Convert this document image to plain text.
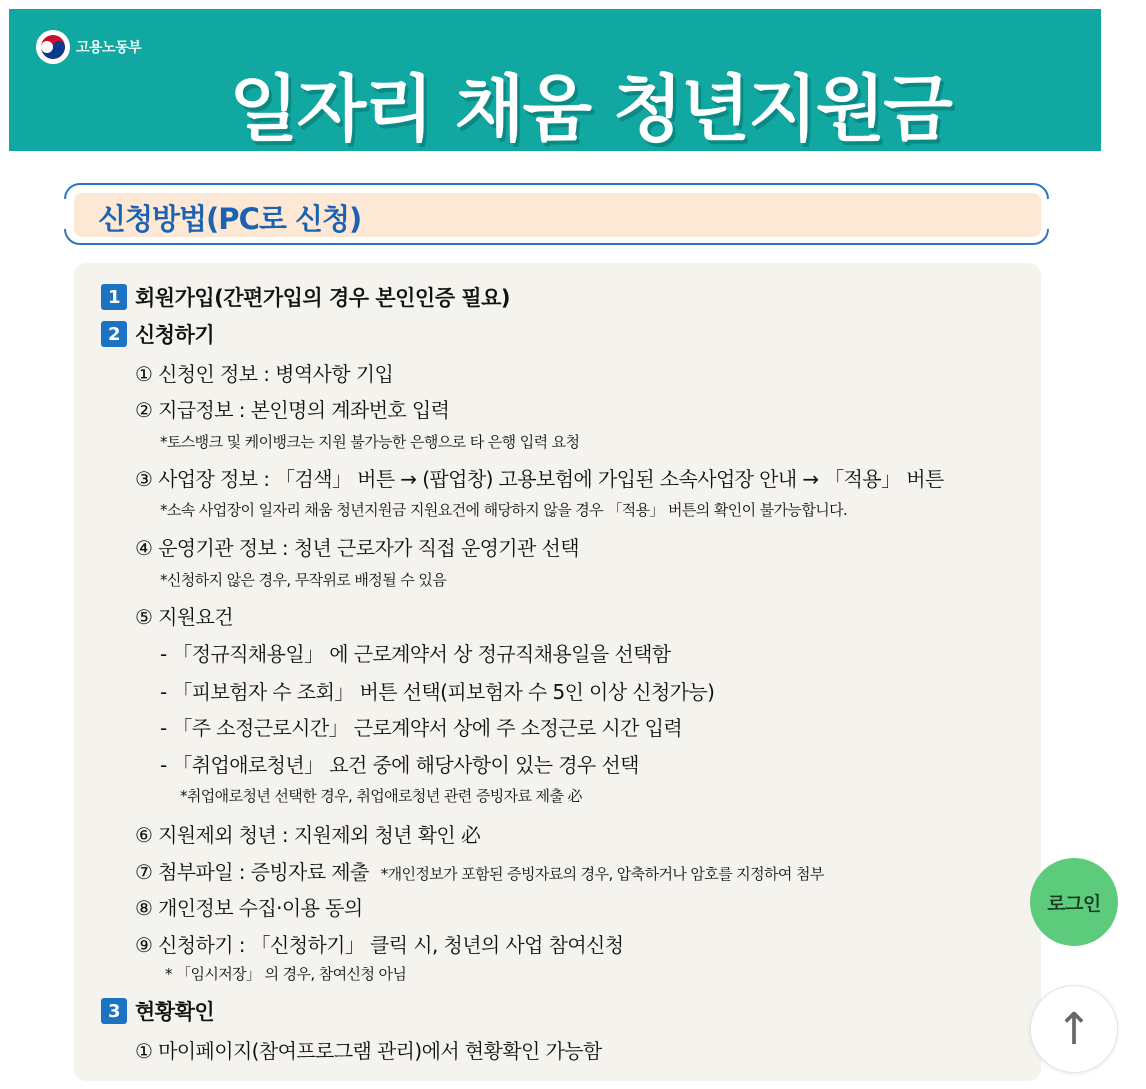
고용노동부
일자리 채움 청년지원금
신청방법(PC로 신청)
1 회원가입(간편가입의 경우 본인인증 필요)
2 신청하기
① 신청인 정보 : 병역사항 기입
② 지급정보 : 본인명의 계좌번호 입력
*토스뱅크 및 케이뱅크는 지원 불가능한 은행으로 타 은행 입력 요청
③ 사업장 정보 : 「검색」 버튼 → (팝업창) 고용보험에 가입된 소속사업장 안내 → 「적용」 버튼
*소속 사업장이 일자리 채움 청년지원금 지원요건에 해당하지 않을 경우 「적용」 버튼의 확인이 불가능합니다.
④ 운영기관 정보 : 청년 근로자가 직접 운영기관 선택
*신청하지 않은 경우, 무작위로 배정될 수 있음
⑤ 지원요건
- 「정규직채용일」 에 근로계약서 상 정규직채용일을 선택함
- 「피보험자 수 조회」 버튼 선택(피보험자 수 5인 이상 신청가능)
- 「주 소정근로시간」 근로계약서 상에 주 소정근로 시간 입력
- 「취업애로청년」 요건 중에 해당사항이 있는 경우 선택
*취업애로청년 선택한 경우, 취업애로청년 관련 증빙자료 제출 必
⑥ 지원제외 청년 : 지원제외 청년 확인 必
⑦ 첨부파일 : 증빙자료 제출 *개인정보가 포함된 증빙자료의 경우, 압축하거나 암호를 지정하여 첨부
⑧ 개인정보 수집·이용 동의
⑨ 신청하기 : 「신청하기」 클릭 시, 청년의 사업 참여신청
* 「임시저장」 의 경우, 참여신청 아님
3 현황확인
① 마이페이지(참여프로그램 관리)에서 현황확인 가능함
로그인
↑
